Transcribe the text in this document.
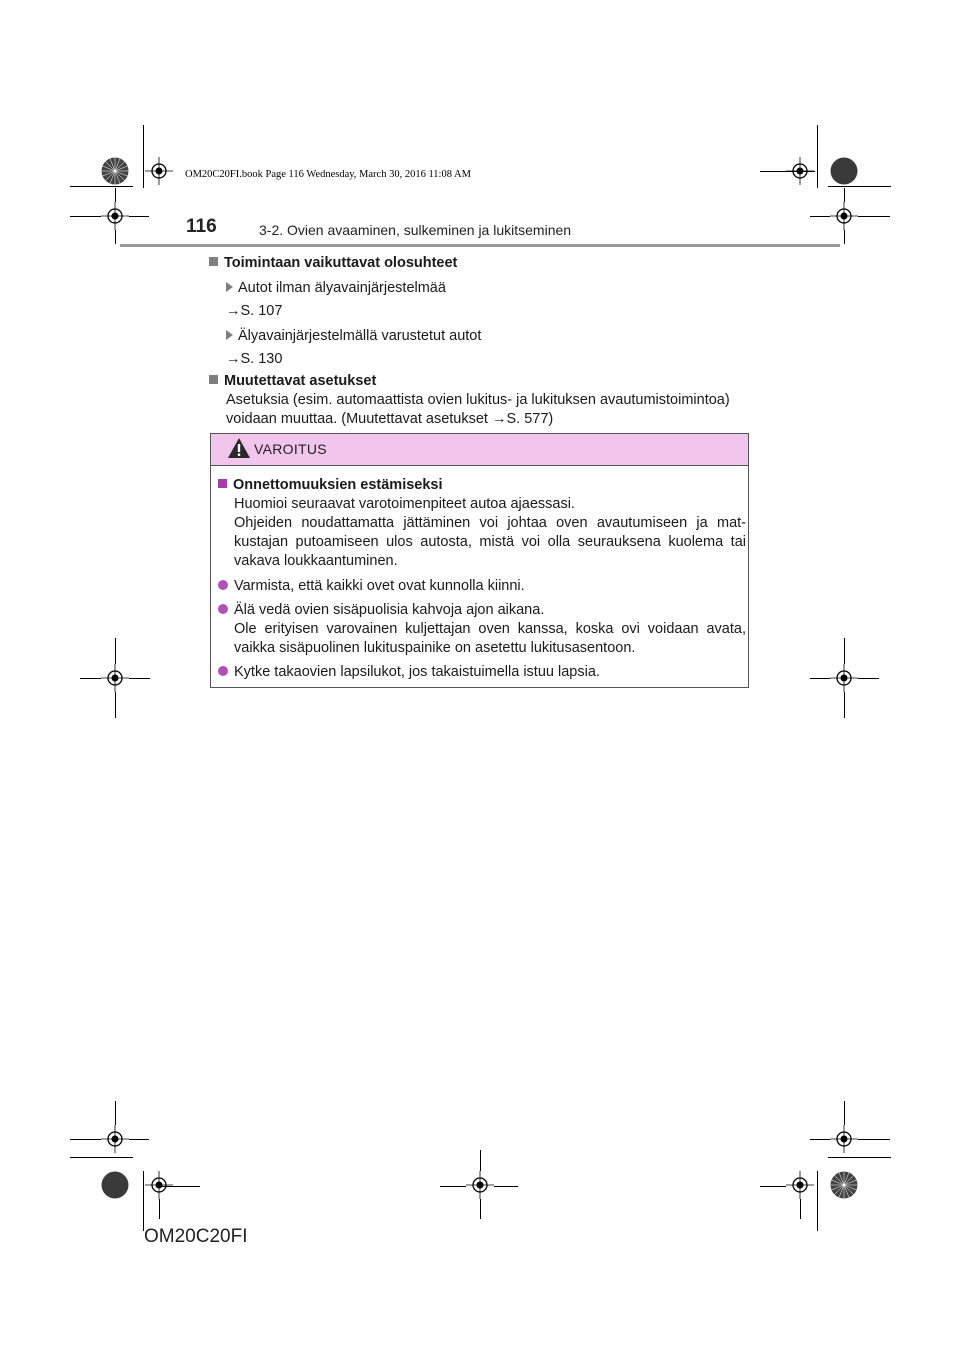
OM20C20FI.book Page 116 Wednesday, March 30, 2016 11:08 AM
116	3-2. Ovien avaaminen, sulkeminen ja lukitseminen
Toimintaan vaikuttavat olosuhteet
Autot ilman älyavainjärjestelmää
→S. 107
Älyavainjärjestelmällä varustetut autot
→S. 130
Muutettavat asetukset
Asetuksia (esim. automaattista ovien lukitus- ja lukituksen avautumistoimintoa)
voidaan muuttaa. (Muutettavat asetukset →S. 577)
VAROITUS
Onnettomuuksien estämiseksi
Huomioi seuraavat varotoimenpiteet autoa ajaessasi.
Ohjeiden noudattamatta jättäminen voi johtaa oven avautumiseen ja mat-kustajan putoamiseen ulos autosta, mistä voi olla seurauksena kuolema tai vakava loukkaantuminen.
Varmista, että kaikki ovet ovat kunnolla kiinni.
Älä vedä ovien sisäpuolisia kahvoja ajon aikana.
Ole erityisen varovainen kuljettajan oven kanssa, koska ovi voidaan avata, vaikka sisäpuolinen lukituspainike on asetettu lukitusasentoon.
Kytke takaovien lapsilukot, jos takaistuimella istuu lapsia.
OM20C20FI
